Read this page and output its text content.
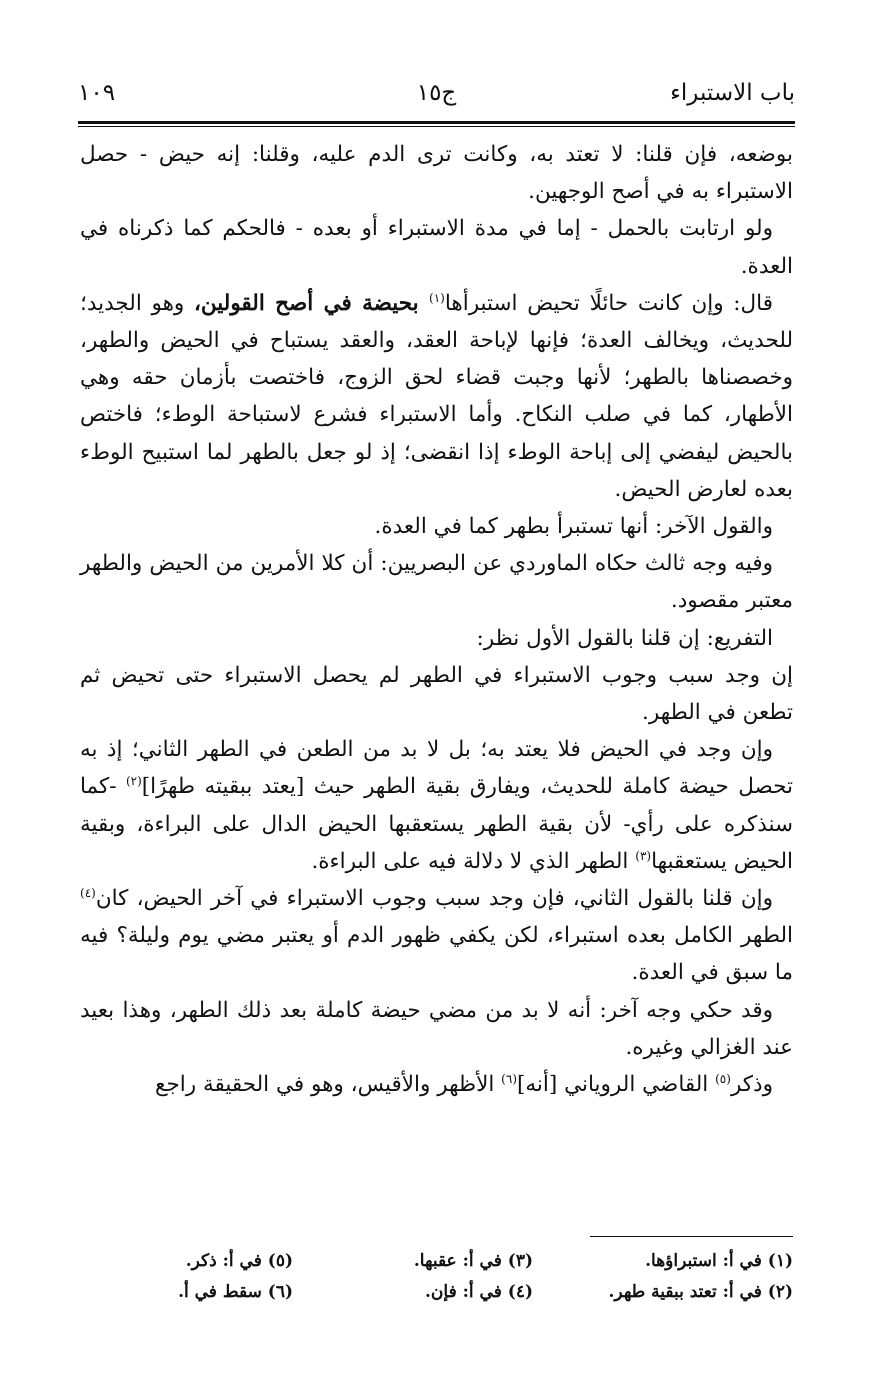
باب الاستبراء
ج١٥
١٠٩

بوضعه، فإن قلنا: لا تعتد به، وكانت ترى الدم عليه، وقلنا: إنه حيض - حصل الاستبراء به في أصح الوجهين.

ولو ارتابت بالحمل - إما في مدة الاستبراء أو بعده - فالحكم كما ذكرناه في العدة.

قال: وإن كانت حائلًا تحيض استبرأها$^{(١)}$ بحيضة في أصح القولين، وهو الجديد؛ للحديث، ويخالف العدة؛ فإنها لإباحة العقد، والعقد يستباح في الحيض والطهر، وخصصناها بالطهر؛ لأنها وجبت قضاء لحق الزوج، فاختصت بأزمان حقه وهي الأطهار، كما في صلب النكاح. وأما الاستبراء فشرع لاستباحة الوطء؛ فاختص بالحيض ليفضي إلى إباحة الوطء إذا انقضى؛ إذ لو جعل بالطهر لما استبيح الوطء بعده لعارض الحيض.

والقول الآخر: أنها تستبرأ بطهر كما في العدة.

وفيه وجه ثالث حكاه الماوردي عن البصريين: أن كلا الأمرين من الحيض والطهر معتبر مقصود.

التفريع: إن قلنا بالقول الأول نظر:

إن وجد سبب وجوب الاستبراء في الطهر لم يحصل الاستبراء حتى تحيض ثم تطعن في الطهر.

وإن وجد في الحيض فلا يعتد به؛ بل لا بد من الطعن في الطهر الثاني؛ إذ به تحصل حيضة كاملة للحديث، ويفارق بقية الطهر حيث [يعتد ببقيته طهرًا]$^{(٢)}$ -كما سنذكره على رأي- لأن بقية الطهر يستعقبها الحيض الدال على البراءة، وبقية الحيض يستعقبها$^{(٣)}$ الطهر الذي لا دلالة فيه على البراءة.

وإن قلنا بالقول الثاني، فإن وجد سبب وجوب الاستبراء في آخر الحيض، كان$^{(٤)}$ الطهر الكامل بعده استبراء، لكن يكفي ظهور الدم أو يعتبر مضي يوم وليلة؟ فيه ما سبق في العدة.

وقد حكي وجه آخر: أنه لا بد من مضي حيضة كاملة بعد ذلك الطهر، وهذا بعيد عند الغزالي وغيره.

وذكر$^{(٥)}$ القاضي الروياني [أنه]$^{(٦)}$ الأظهر والأقيس، وهو في الحقيقة راجع

(١) في أ: استبراؤها.
(٢) في أ: تعتد ببقية طهر.
(٣) في أ: عقبها.
(٤) في أ: فإن.
(٥) في أ: ذكر.
(٦) سقط في أ.
